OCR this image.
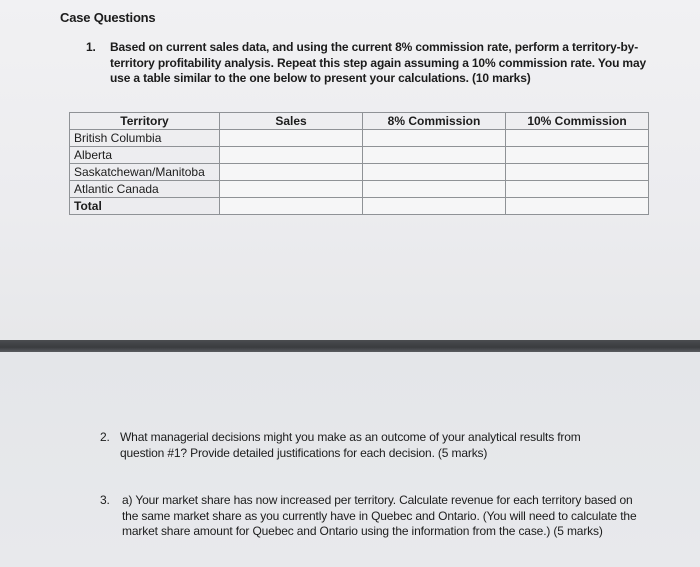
Case Questions
1. Based on current sales data, and using the current 8% commission rate, perform a territory-by-territory profitability analysis. Repeat this step again assuming a 10% commission rate. You may use a table similar to the one below to present your calculations. (10 marks)
Territory	Sales	8% Commission	10% Commission
British Columbia			
Alberta			
Saskatchewan/Manitoba			
Atlantic Canada			
Total			
2. What managerial decisions might you make as an outcome of your analytical results from question #1? Provide detailed justifications for each decision. (5 marks)
3. a) Your market share has now increased per territory. Calculate revenue for each territory based on the same market share as you currently have in Quebec and Ontario. (You will need to calculate the market share amount for Quebec and Ontario using the information from the case.) (5 marks)
